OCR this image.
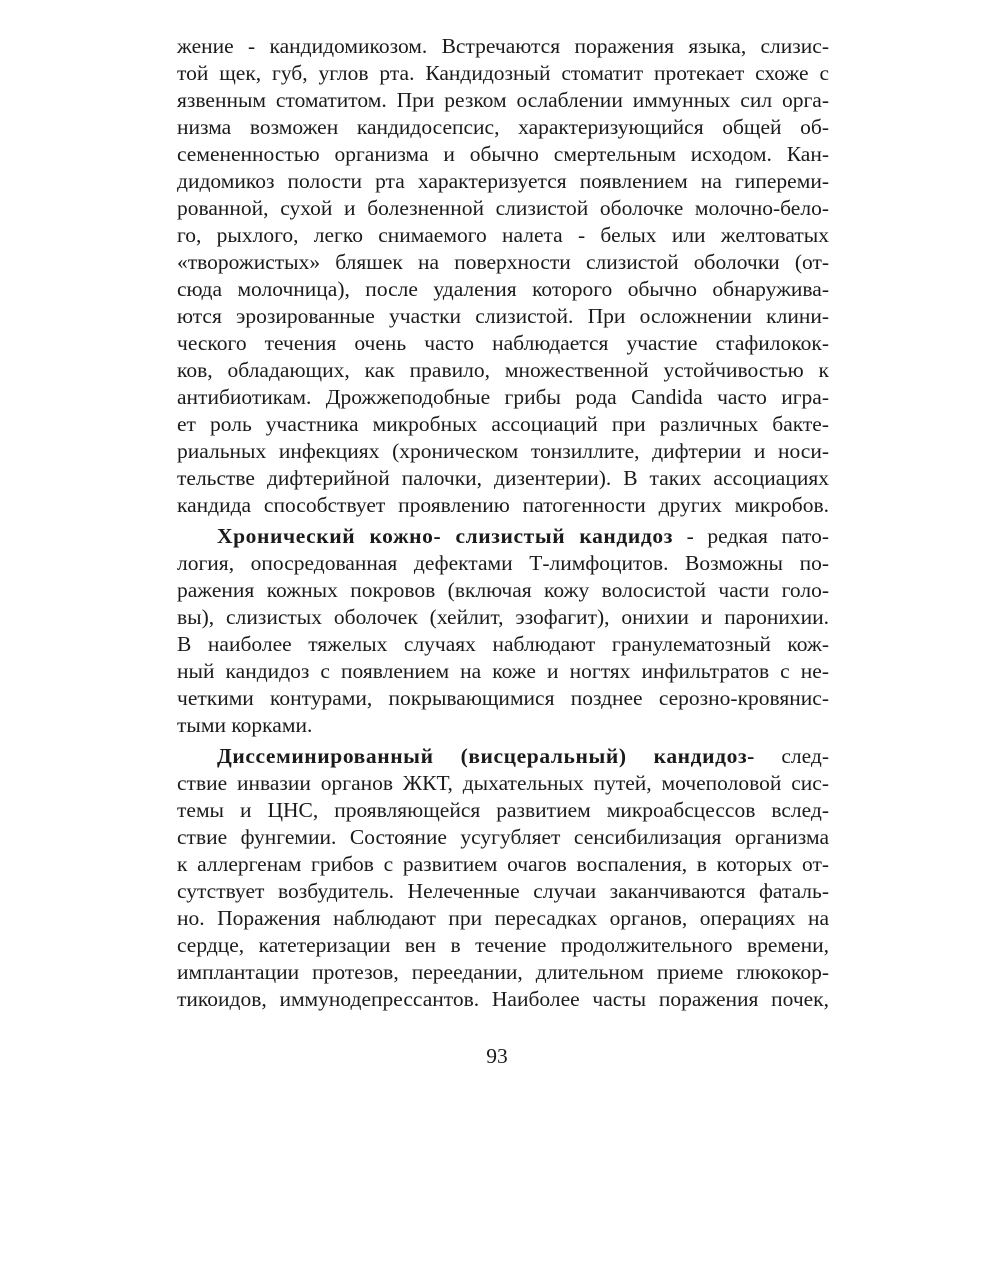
жение - кандидомикозом. Встречаются поражения языка, слизис-
той щек, губ, углов рта. Кандидозный стоматит протекает схоже с
язвенным стоматитом. При резком ослаблении иммунных сил орга-
низма возможен кандидосепсис, характеризующийся общей об-
семененностью организма и обычно смертельным исходом. Кан-
дидомикоз полости рта характеризуется появлением на гипереми-
рованной, сухой и болезненной слизистой оболочке молочно-бело-
го, рыхлого, легко снимаемого налета - белых или желтоватых
«творожистых» бляшек на поверхности слизистой оболочки (от-
сюда молочница), после удаления которого обычно обнаружива-
ются эрозированные участки слизистой. При осложнении клини-
ческого течения очень часто наблюдается участие стафилокок-
ков, обладающих, как правило, множественной устойчивостью к
антибиотикам. Дрожжеподобные грибы рода Candida часто игра-
ет роль участника микробных ассоциаций при различных бакте-
риальных инфекциях (хроническом тонзиллите, дифтерии и носи-
тельстве дифтерийной палочки, дизентерии). В таких ассоциациях
кандида способствует проявлению патогенности других микробов.
Хронический кожно- слизистый кандидоз - редкая пато-
логия, опосредованная дефектами Т-лимфоцитов. Возможны по-
ражения кожных покровов (включая кожу волосистой части голо-
вы), слизистых оболочек (хейлит, эзофагит), онихии и паронихии.
В наиболее тяжелых случаях наблюдают гранулематозный кож-
ный кандидоз с появлением на коже и ногтях инфильтратов с не-
четкими контурами, покрывающимися позднее серозно-кровянис-
тыми корками.
Диссеминированный (висцеральный) кандидоз- след-
ствие инвазии органов ЖКТ, дыхательных путей, мочеполовой сис-
темы и ЦНС, проявляющейся развитием микроабсцессов вслед-
ствие фунгемии. Состояние усугубляет сенсибилизация организма
к аллергенам грибов с развитием очагов воспаления, в которых от-
сутствует возбудитель. Нелеченные случаи заканчиваются фаталь-
но. Поражения наблюдают при пересадках органов, операциях на
сердце, катетеризации вен в течение продолжительного времени,
имплантации протезов, переедании, длительном приеме глюкокор-
тикоидов, иммунодепрессантов. Наиболее часты поражения почек,
93
